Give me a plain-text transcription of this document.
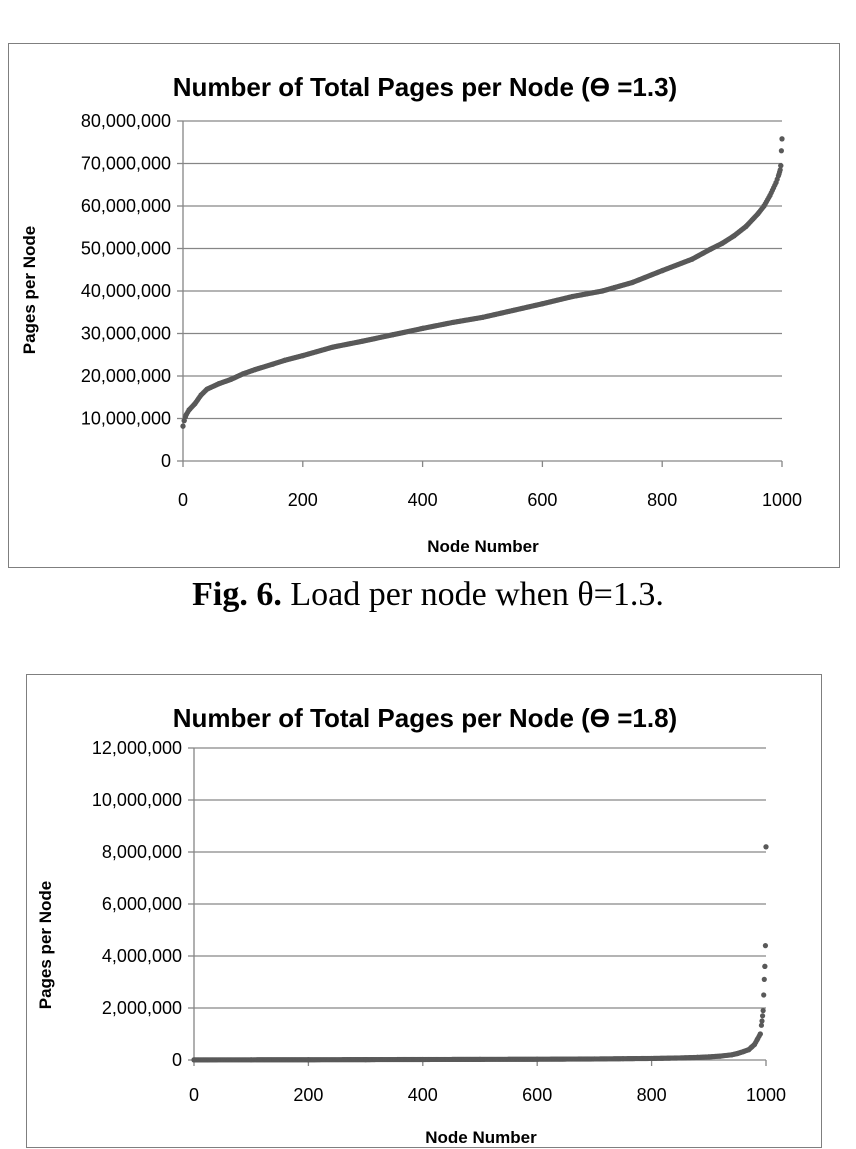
Number of Total Pages per Node (ϴ =1.3)
0
10,000,000
20,000,000
30,000,000
40,000,000
50,000,000
60,000,000
70,000,000
80,000,000
0	200	400	600	800	1000
Node Number
Pages per Node
Fig. 6. Load per node when θ=1.3.
Number of Total Pages per Node (ϴ =1.8)
0
2,000,000
4,000,000
6,000,000
8,000,000
10,000,000
12,000,000
0	200	400	600	800	1000
Node Number
Pages per Node
